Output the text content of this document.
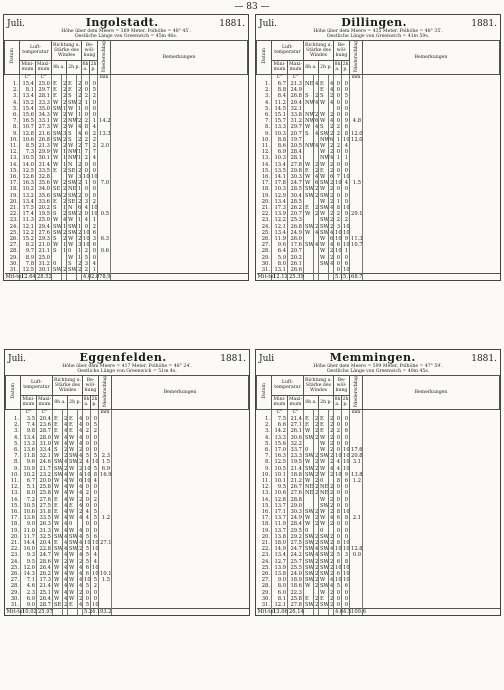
— 83 —
Juli.	Ingolstadt.	1881.
Höhe über dem Meere = 369 Meter. Polhöhe = 48° 45′.
Oestliche Länge von Greenwich = 45m 46s.
Datum	Luft-temperatur		Richtung u. Stärke des Windes				Be-wöl-kung		Niederschlag	Bemerkungen
	Mini-mum	Maxi-mum	8h a.		2h p.		8h a.	2h p.		
	C°	C°							mm	
1.	15.4	25.0	E	2	E	2	0	0		
2.	8.1	29.7	E	2	E	2	0	5		
3.	13.4	28.1	E	2	S	2	2	2		
4.	15.2	33.3	W	2	SW	2	1	0		
5.	15.4	35.0	SW	1	W	1	0	0		
6.	15.6	34.3	W	2	W	1	0	0		
7.	16.5	33.1	W	2	NW	2	2	1	14.2	
8.	10.7	27.3	W	2	W	4	8	4		
9.	12.8	21.6	SW	3	S	4	6	2	13.3	
10.	10.6	26.8	SW	2	S	2	2	2		
11.	8.5	21.3	W	2	W	2	7	2	2.0	
12.	7.3	29.9	W	1	NW	1	7	7		
13.	10.5	30.1	W	1	NW	1	2	4		
14.	14.0	31.4	W	1	N	2	0	0		
15.	12.5	33.5	E	2	SE	2	0	0		
16.	12.6	32.8			W	3	10	10		
17.	16.3	35.6	W	2	SW	2	1	0	7.0	
18.	10.2	34.0	SE	2	NE	1	0	0		
19.	13.2	35.6	SW	2	SW	2	0	0		
20.	13.4	33.6	E	2	SE	2	3	2		
21.	17.5	20.2	S	1	N	6	4	10		
22.	17.4	19.5	S	2	SW	2	0	10	0.5	
23.	11.3	25.0	W	4	W	1	4	1		
24.	12.1	29.4	SW	1	SW	1	0	2		
25.	12.2	27.6	SW	2	SW	2	10	6		
26.	15.2	29.3	S	2	W	2	10	3	6.3	
27.	8.2	21.0	W	1	W	3	10	6		
28.	9.7	21.1	S	1	0	1	2	0	0.6	
29.	8.9	25.0			W	1	5	0		
30.	7.8	31.2	0		S	2	3	4		
31.	12.5	30.1	SW	2	SW	2	2	1		
Mit-tel	12.64	28.52					4.0	2.8	78.9	
Juli.	Dillingen.	1881.
Höhe über dem Meere = 435 Meter. Polhöhe = 48° 35′.
Oestliche Länge von Greenwich = 41m 59s.
Datum	Luft-temperatur		Richtung u. Stärke des Windes				Be-wöl-kung		Niederschlag	Bemerkungen
	Mini-mum	Maxi-mum	8h a.		2h p.		8h a.	2h p.		
	C°	C°							mm	
1.	6.7	21.3	NE	4	E	4	0	0		
2.	8.8	24.9			E	4	0	0		
3.	8.4	26.8	S	2	S	2	0	5		
4.	11.2	29.4	NW	4	W	4	0	0		
5.	14.5	32.1					0	0		
6.	15.1	33.8	NW	2	W	2	0	0		
7.	15.7	31.2	NW	6	W	4	0	9	4.8	
8.	13.3	29.7	W	4	S	2	2	6		
9.	10.3	20.7	S	4	SW	2	2	8	12.0	
10.	8.8	19.7			NW	6	1	10	12.0	
11.	8.6	20.5	NW	4	W	2	2	4		
12.	6.9	28.4			W	2	0	0		
13.	10.3	28.1			NW	4	1	1		
14.	13.4	27.8	W	2	W	2	0	0		
15.	13.5	29.8	E	2	E	2	0	0		
16.	14.1	30.3	W	4	W	6	7	10		
17.	17.8	24.7	W	6	SW	2	10	4	1.5	
18.	10.3	28.5	SW	2	W	2	0	0		
19.	12.9	30.4	SW	2	SW	2	0	0		
20.	13.4	28.5			W	2	1	0		
21.	17.3	26.2	E	2	SW	4	8	10		
22.	13.9	20.7	W	2	W	2	2	9	29.1	
23.	12.2	25.3			SW	2	2	2		
24.	12.1	26.8	SW	2	SW	2	3	10		
25.	13.4	24.9	W	4	SW	4	10	10		
26.	11.9	26.0			W	6	10	9	11.3	
27.	9.6	17.6	SW	4	W	4	6	10	10.7	
28.	6.4	20.7			W	2	10	1		
29.	5.9	20.2			W	2	0	0		
30.	8.0	26.1			SW	4	0	6		
31.	13.1	26.6					0	10		
Mit-tel	12.12	25.39					5.1	5.1	68.7	
Juli.	Eggenfelden.	1881.
Höhe über dem Meere = 417 Meter. Polhöhe = 48° 24′.
Oestliche Länge von Greenwich = 51m 4s.
Datum	Luft-temperatur		Richtung u. Stärke des Windes				Be-wöl-kung		Niederschlag	Bemerkungen
	Mini-mum	Maxi-mum	8h a.		2h p.		8h a.	2h p.		
	C°	C°							mm	
1.	3.5	20.4	E	2	E	4	0	0		
2.	7.4	23.6	E	4	E	4	0	5		
3.	9.8	28.7	E	4	E	4	2	2		
4.	13.4	28.0	W	4	W	4	0	0		
5.	13.3	31.0	W	4	W	4	0	0		
6.	13.6	33.4	S	2	W	2	0	0		
7.	11.8	32.1	W	2	SW	4	5	5	2.3	
8.	9.6	24.6	SW	4	SW	2	4	10	1.5	
9.	10.9	21.7	SW	2	W	2	10	5	6.9	
10.	10.2	23.2	SW	4	W	4	10	8	16.9	
11.	6.7	20.0	W	4	W	6	10	4		
12.	5.1	25.8	W	4	W	4	0	0		
13.	8.0	25.8	W	4	W	4	2	0		
14.	7.2	27.6	E	4	W	2	0	2		
15.	10.5	27.5	E	4	E	4	0	0		
16.	10.6	31.8	E	4	W	2	4	5		
17.	13.6	33.5	W	4	W	4	4	5	1.2	
18.	9.0	26.3	W	4	0		0	0		
19.	11.0	31.3	W	4	W	4	0	0		
20.	11.7	32.5	SW	4	SW	4	5	6		
21.	14.4	20.4	E	4	SW	4	10	10	27.1	
22.	16.0	22.8	SW	4	SW	2	5	10		
23.	9.3	24.7	W	4	W	4	5	4		
24.	9.5	28.6	W	2	W	2	5	4		
25.	12.0	26.4	W	4	W	4	6	10		
26.	14.3	26.2	W	4	W	4	6	10	10.1	
27.	7.1	17.3	W	4	W	4	10	5	1.5	
28.	4.6	21.4	W	4	W	4	5	2		
29.	2.3	25.1	W	4	W	2	0	0		
30.	6.0	26.4	W	4	W	2	0	0		
31.	9.0	28.7	SE	2	E	4	5	10		
Mit-tel	10.02	25.97					5.2	4.1	93.2	
Juli	Memmingen.	1881.
Höhe über dem Meere = 599 Meter. Polhöhe = 47° 59′.
Oestliche Länge von Greenwich = 40m 45s.
Datum	Luft-temperatur		Richtung u. Stärke des Windes				Be-wöl-kung		Niederschlag	Bemerkungen
	Mini-mum	Maxi-mum	8h a.		2h p.		8h a.	2h p.		
	C°	C°							mm	
1.	7.5	21.4	E	2	E	2	0	0		
2.	6.6	27.1	E	2	E	2	0	0		
3.	14.2	26.1	W	2	E	2	2	6		
4.	13.3	30.6	SW	2	W	2	0	0		
5.	15.6	32.2			W	2	0	0		
6.	17.0	33.7	0		W	2	0	10	17.6	
7.	16.3	23.3	SW	2	SW	2	10	10	20.8	
8.	12.5	19.5	W	2	W	2	4	10	3.1	
9.	10.5	21.4	SW	2	W	4	4	10		
10.	10.1	18.8	SW	2	W	2	10	9	13.8	
11.	10.1	21.2	W	2	0		8	6	1.2	
12.	9.5	26.7	NE	2	NE	2	0	0		
13.	10.6	27.6	NE	2	NE	2	0	0		
14.	12.8	28.8			W	2	0	0		
15.	13.7	29.0			SW	2	0	0		
16.	17.1	30.3	SW	2	W	2	8	10		
17.	13.7	24.9	W	2	W	4	6	8	2.1	
18.	11.9	28.4	W	2	W	2	0	0		
19.	13.7	29.5	0		0		0	0		
20.	13.8	29.2	SW	2	SW	2	0	0		
21.	18.0	27.5	SW	2	SW	2	8	10		
22.	14.9	24.7	SW	4	SW	4	10	10	12.8	
23.	13.4	24.2	SW	4	SW	2	5	3	0.9	
24.	12.7	25.7	SW	2	SW	2	6	8		
25.	13.9	25.5	SW	2	SW	2	10	10		
26.	13.8	24.0	SW	2	SW	2	6	10		
27.	9.0	18.9	SW	2	W	4	10	10		
28.	8.0	18.6	W	2	SW	4	5	6		
29.	6.0	22.3			W	2	0	0		
30.	8.1	25.8	E	2	E	2	0	0		
31.	12.1	27.8	SW	2	SW	2	0	0		
Mit-tel	13.06	26.14					4.6	4.5	109.6	
